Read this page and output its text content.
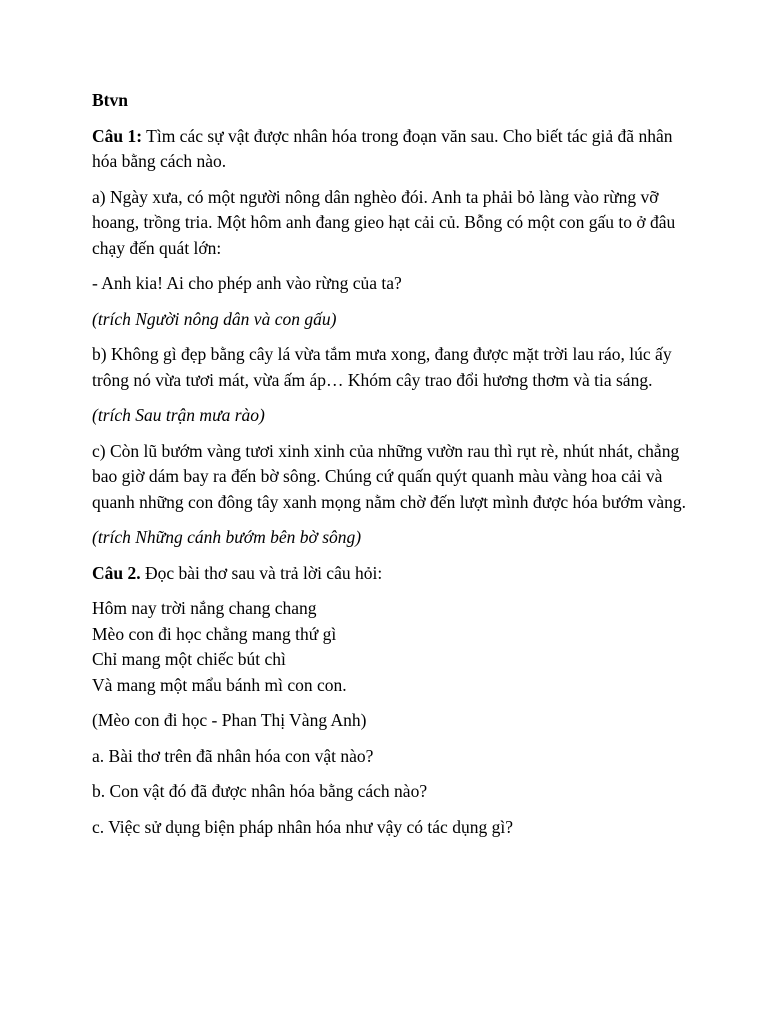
Btvn

Câu 1: Tìm các sự vật được nhân hóa trong đoạn văn sau. Cho biết tác giả đã nhân hóa bằng cách nào.

a) Ngày xưa, có một người nông dân nghèo đói. Anh ta phải bỏ làng vào rừng vỡ hoang, trồng tria. Một hôm anh đang gieo hạt cải củ. Bỗng có một con gấu to ở đâu chạy đến quát lớn:

- Anh kia! Ai cho phép anh vào rừng của ta?

(trích Người nông dân và con gấu)

b) Không gì đẹp bằng cây lá vừa tắm mưa xong, đang được mặt trời lau ráo, lúc ấy trông nó vừa tươi mát, vừa ấm áp… Khóm cây trao đổi hương thơm và tia sáng.

(trích Sau trận mưa rào)

c) Còn lũ bướm vàng tươi xinh xinh của những vườn rau thì rụt rè, nhút nhát, chẳng bao giờ dám bay ra đến bờ sông. Chúng cứ quấn quýt quanh màu vàng hoa cải và quanh những con đông tây xanh mọng nằm chờ đến lượt mình được hóa bướm vàng.

(trích Những cánh bướm bên bờ sông)

Câu 2. Đọc bài thơ sau và trả lời câu hỏi:

Hôm nay trời nắng chang chang
Mèo con đi học chẳng mang thứ gì
Chỉ mang một chiếc bút chì
Và mang một mẩu bánh mì con con.

(Mèo con đi học - Phan Thị Vàng Anh)

a. Bài thơ trên đã nhân hóa con vật nào?

b. Con vật đó đã được nhân hóa bằng cách nào?

c. Việc sử dụng biện pháp nhân hóa như vậy có tác dụng gì?
